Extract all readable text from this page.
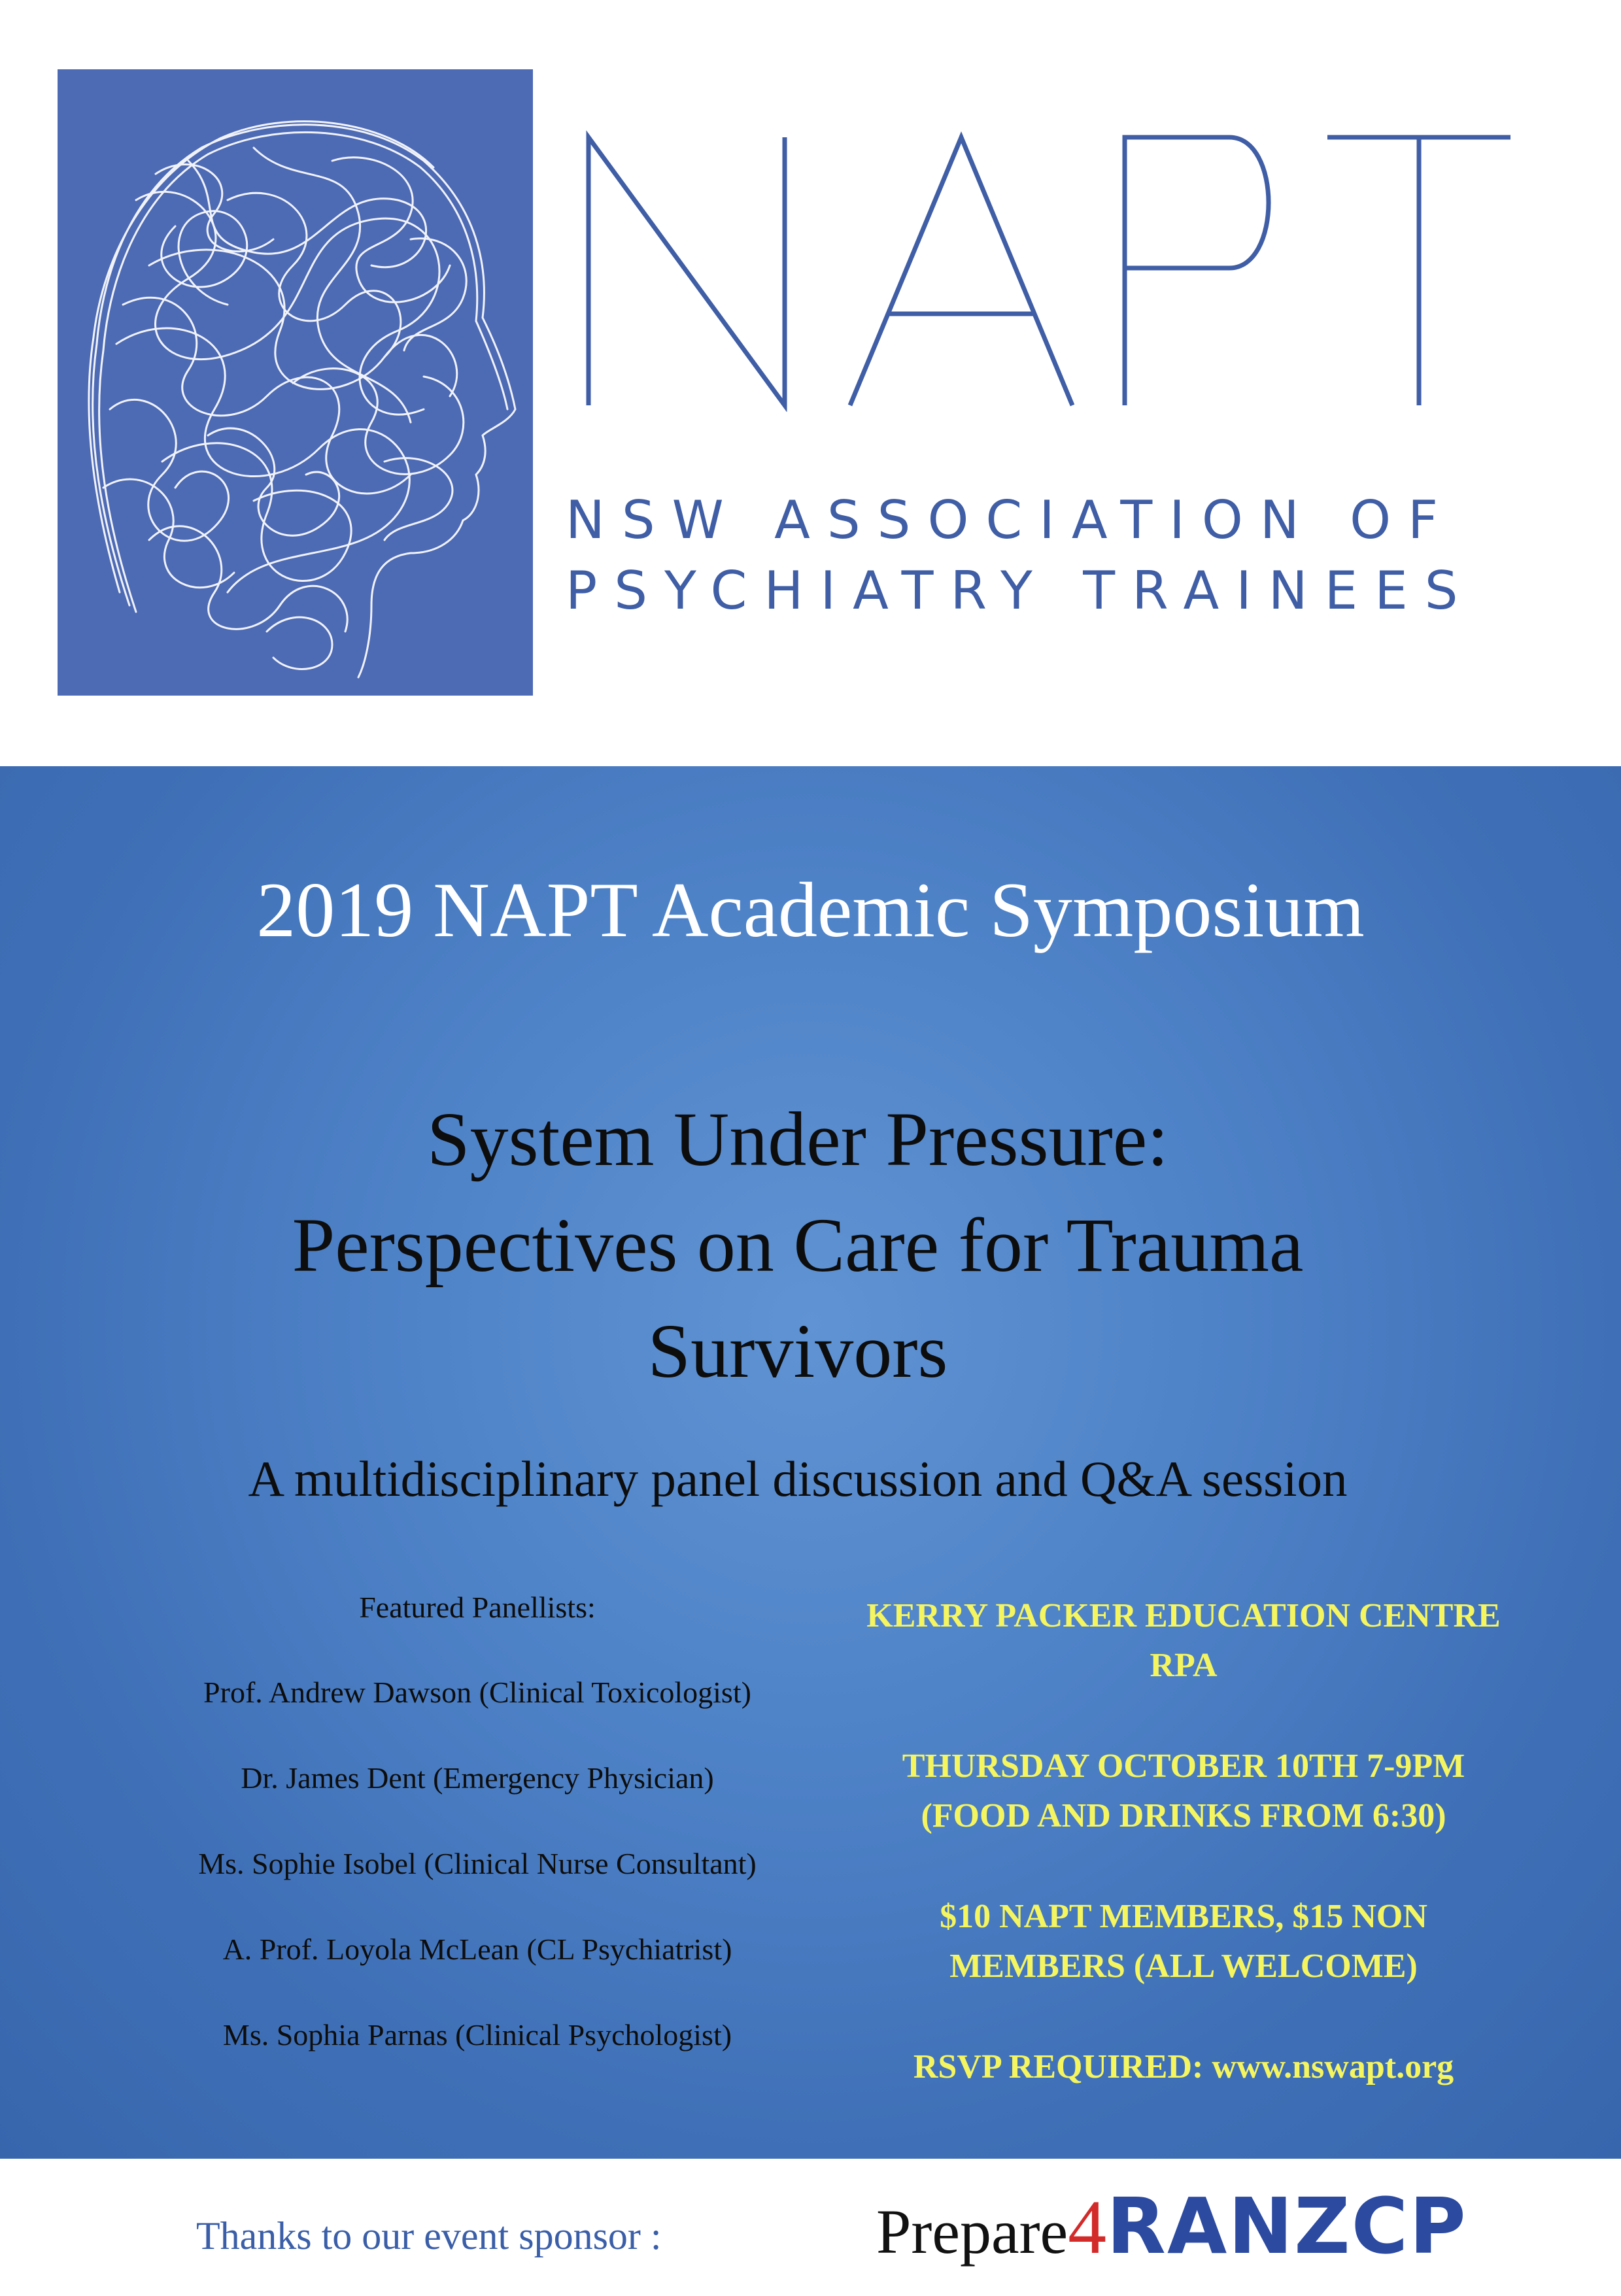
NSW ASSOCIATION OF
PSYCHIATRY TRAINEES
2019 NAPT Academic Symposium
System Under Pressure:
Perspectives on Care for Trauma
Survivors
A multidisciplinary panel discussion and Q&A session
Featured Panellists:
Prof. Andrew Dawson (Clinical Toxicologist)
Dr. James Dent (Emergency Physician)
Ms. Sophie Isobel (Clinical Nurse Consultant)
A. Prof. Loyola McLean (CL Psychiatrist)
Ms. Sophia Parnas (Clinical Psychologist)
KERRY PACKER EDUCATION CENTRE
RPA
THURSDAY OCTOBER 10TH 7-9PM
(FOOD AND DRINKS FROM 6:30)
$10 NAPT MEMBERS, $15 NON
MEMBERS (ALL WELCOME)
RSVP REQUIRED: www.nswapt.org
Thanks to our event sponsor :	Prepare4RANZCP
